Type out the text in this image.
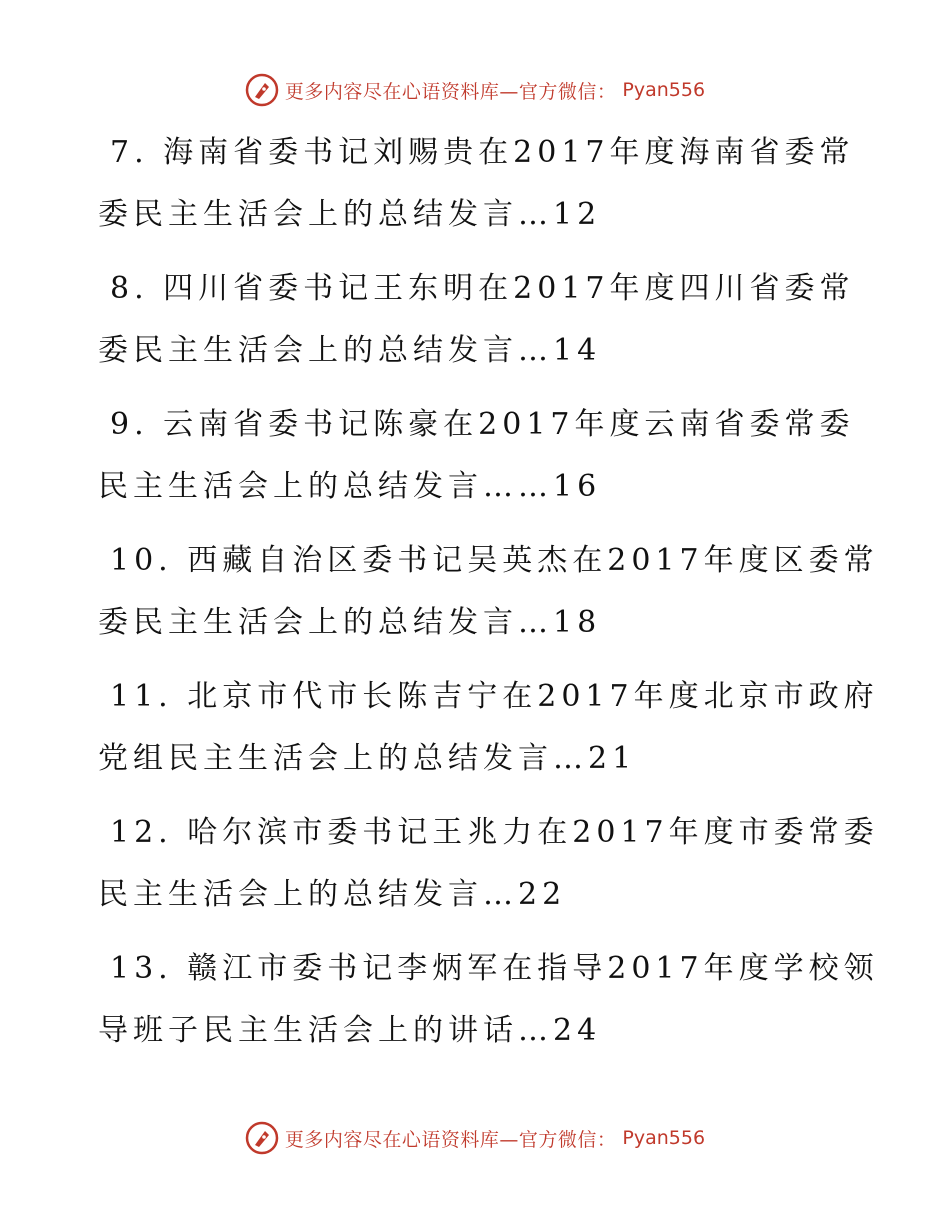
更多内容尽在心语资料库—官方微信： Pyan556
7. 海南省委书记刘赐贵在2017年度海南省委常
委民主生活会上的总结发言…12
8. 四川省委书记王东明在2017年度四川省委常
委民主生活会上的总结发言…14
9. 云南省委书记陈豪在2017年度云南省委常委
民主生活会上的总结发言……16
10. 西藏自治区委书记吴英杰在2017年度区委常
委民主生活会上的总结发言…18
11. 北京市代市长陈吉宁在2017年度北京市政府
党组民主生活会上的总结发言…21
12. 哈尔滨市委书记王兆力在2017年度市委常委
民主生活会上的总结发言…22
13. 赣江市委书记李炳军在指导2017年度学校领
导班子民主生活会上的讲话…24
更多内容尽在心语资料库—官方微信： Pyan556
